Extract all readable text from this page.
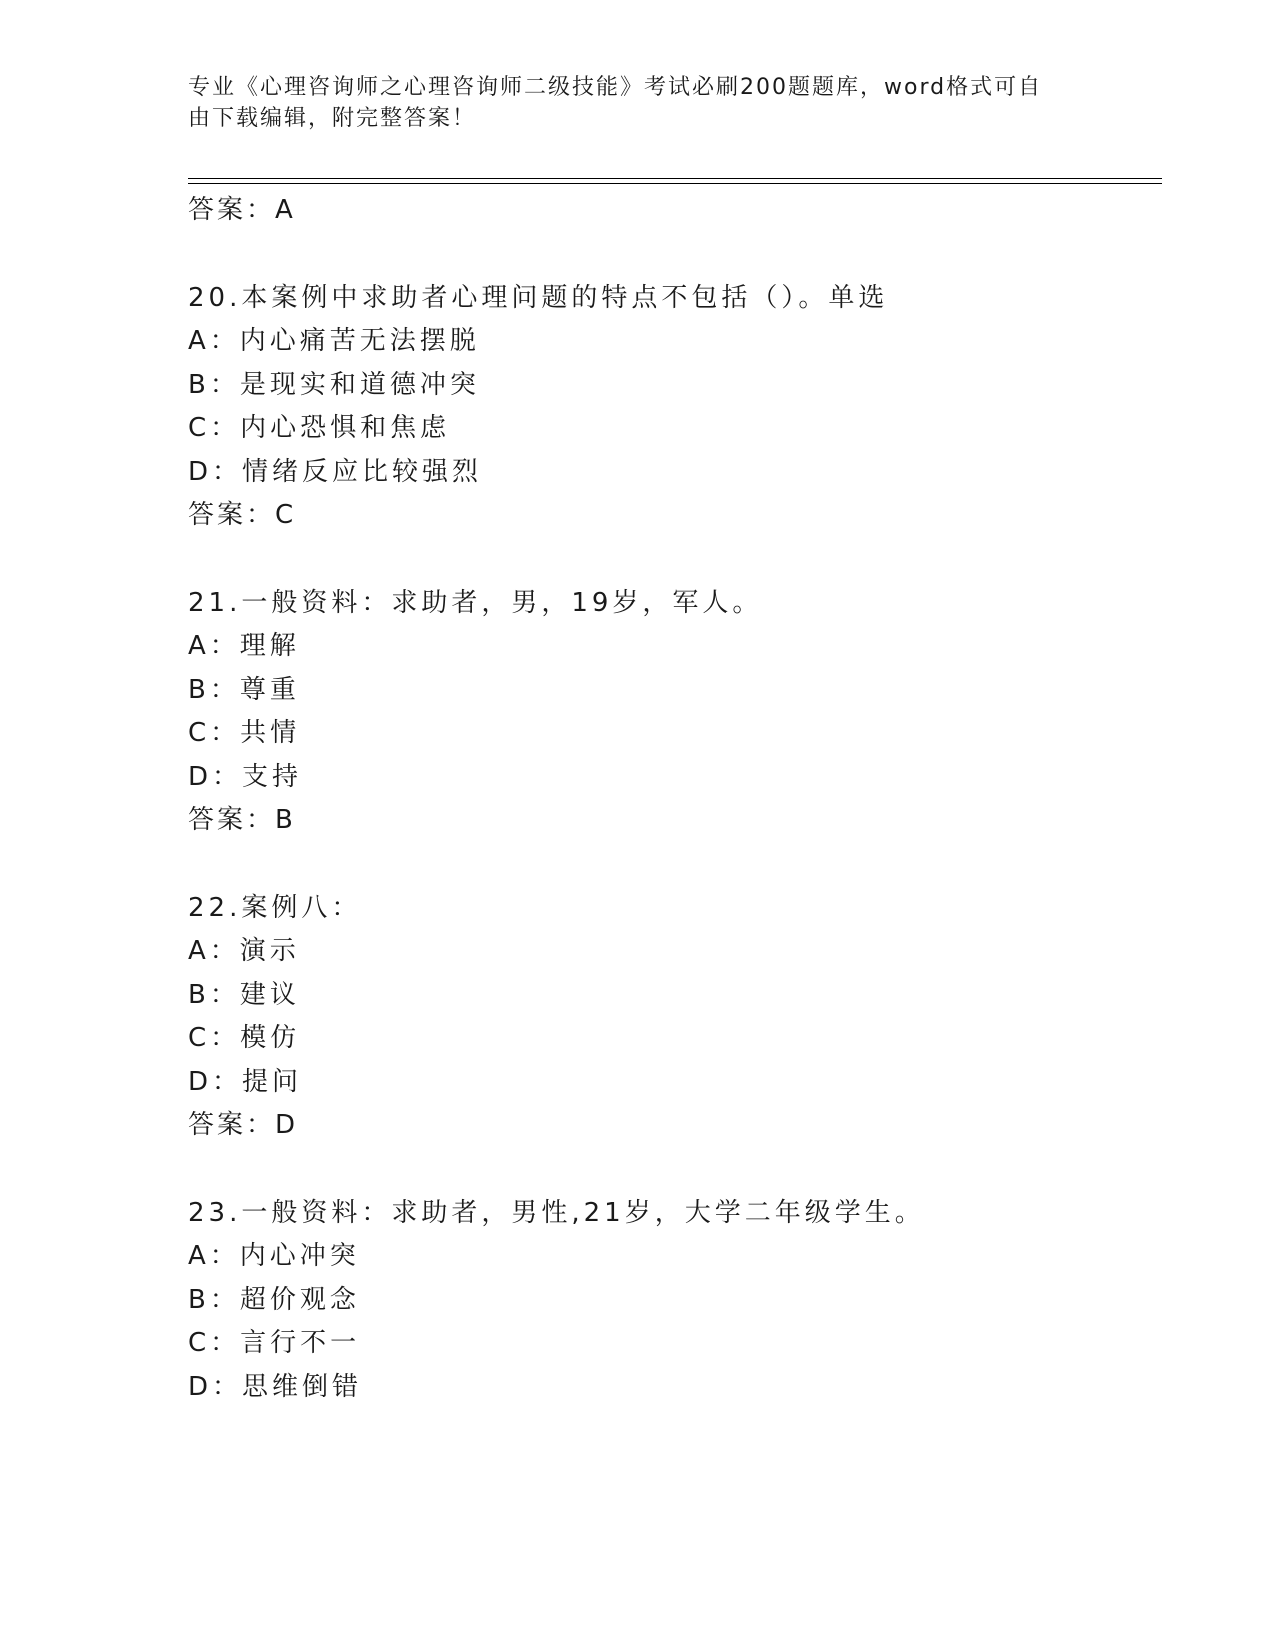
专业《心理咨询师之心理咨询师二级技能》考试必刷200题题库，word格式可自
由下载编辑，附完整答案！
答案：A
20.本案例中求助者心理问题的特点不包括（）。单选
A：内心痛苦无法摆脱
B：是现实和道德冲突
C：内心恐惧和焦虑
D：情绪反应比较强烈
答案：C
21.一般资料：求助者，男，19岁，军人。
A：理解
B：尊重
C：共情
D：支持
答案：B
22.案例八：
A：演示
B：建议
C：模仿
D：提问
答案：D
23.一般资料：求助者，男性,21岁，大学二年级学生。
A：内心冲突
B：超价观念
C：言行不一
D：思维倒错
